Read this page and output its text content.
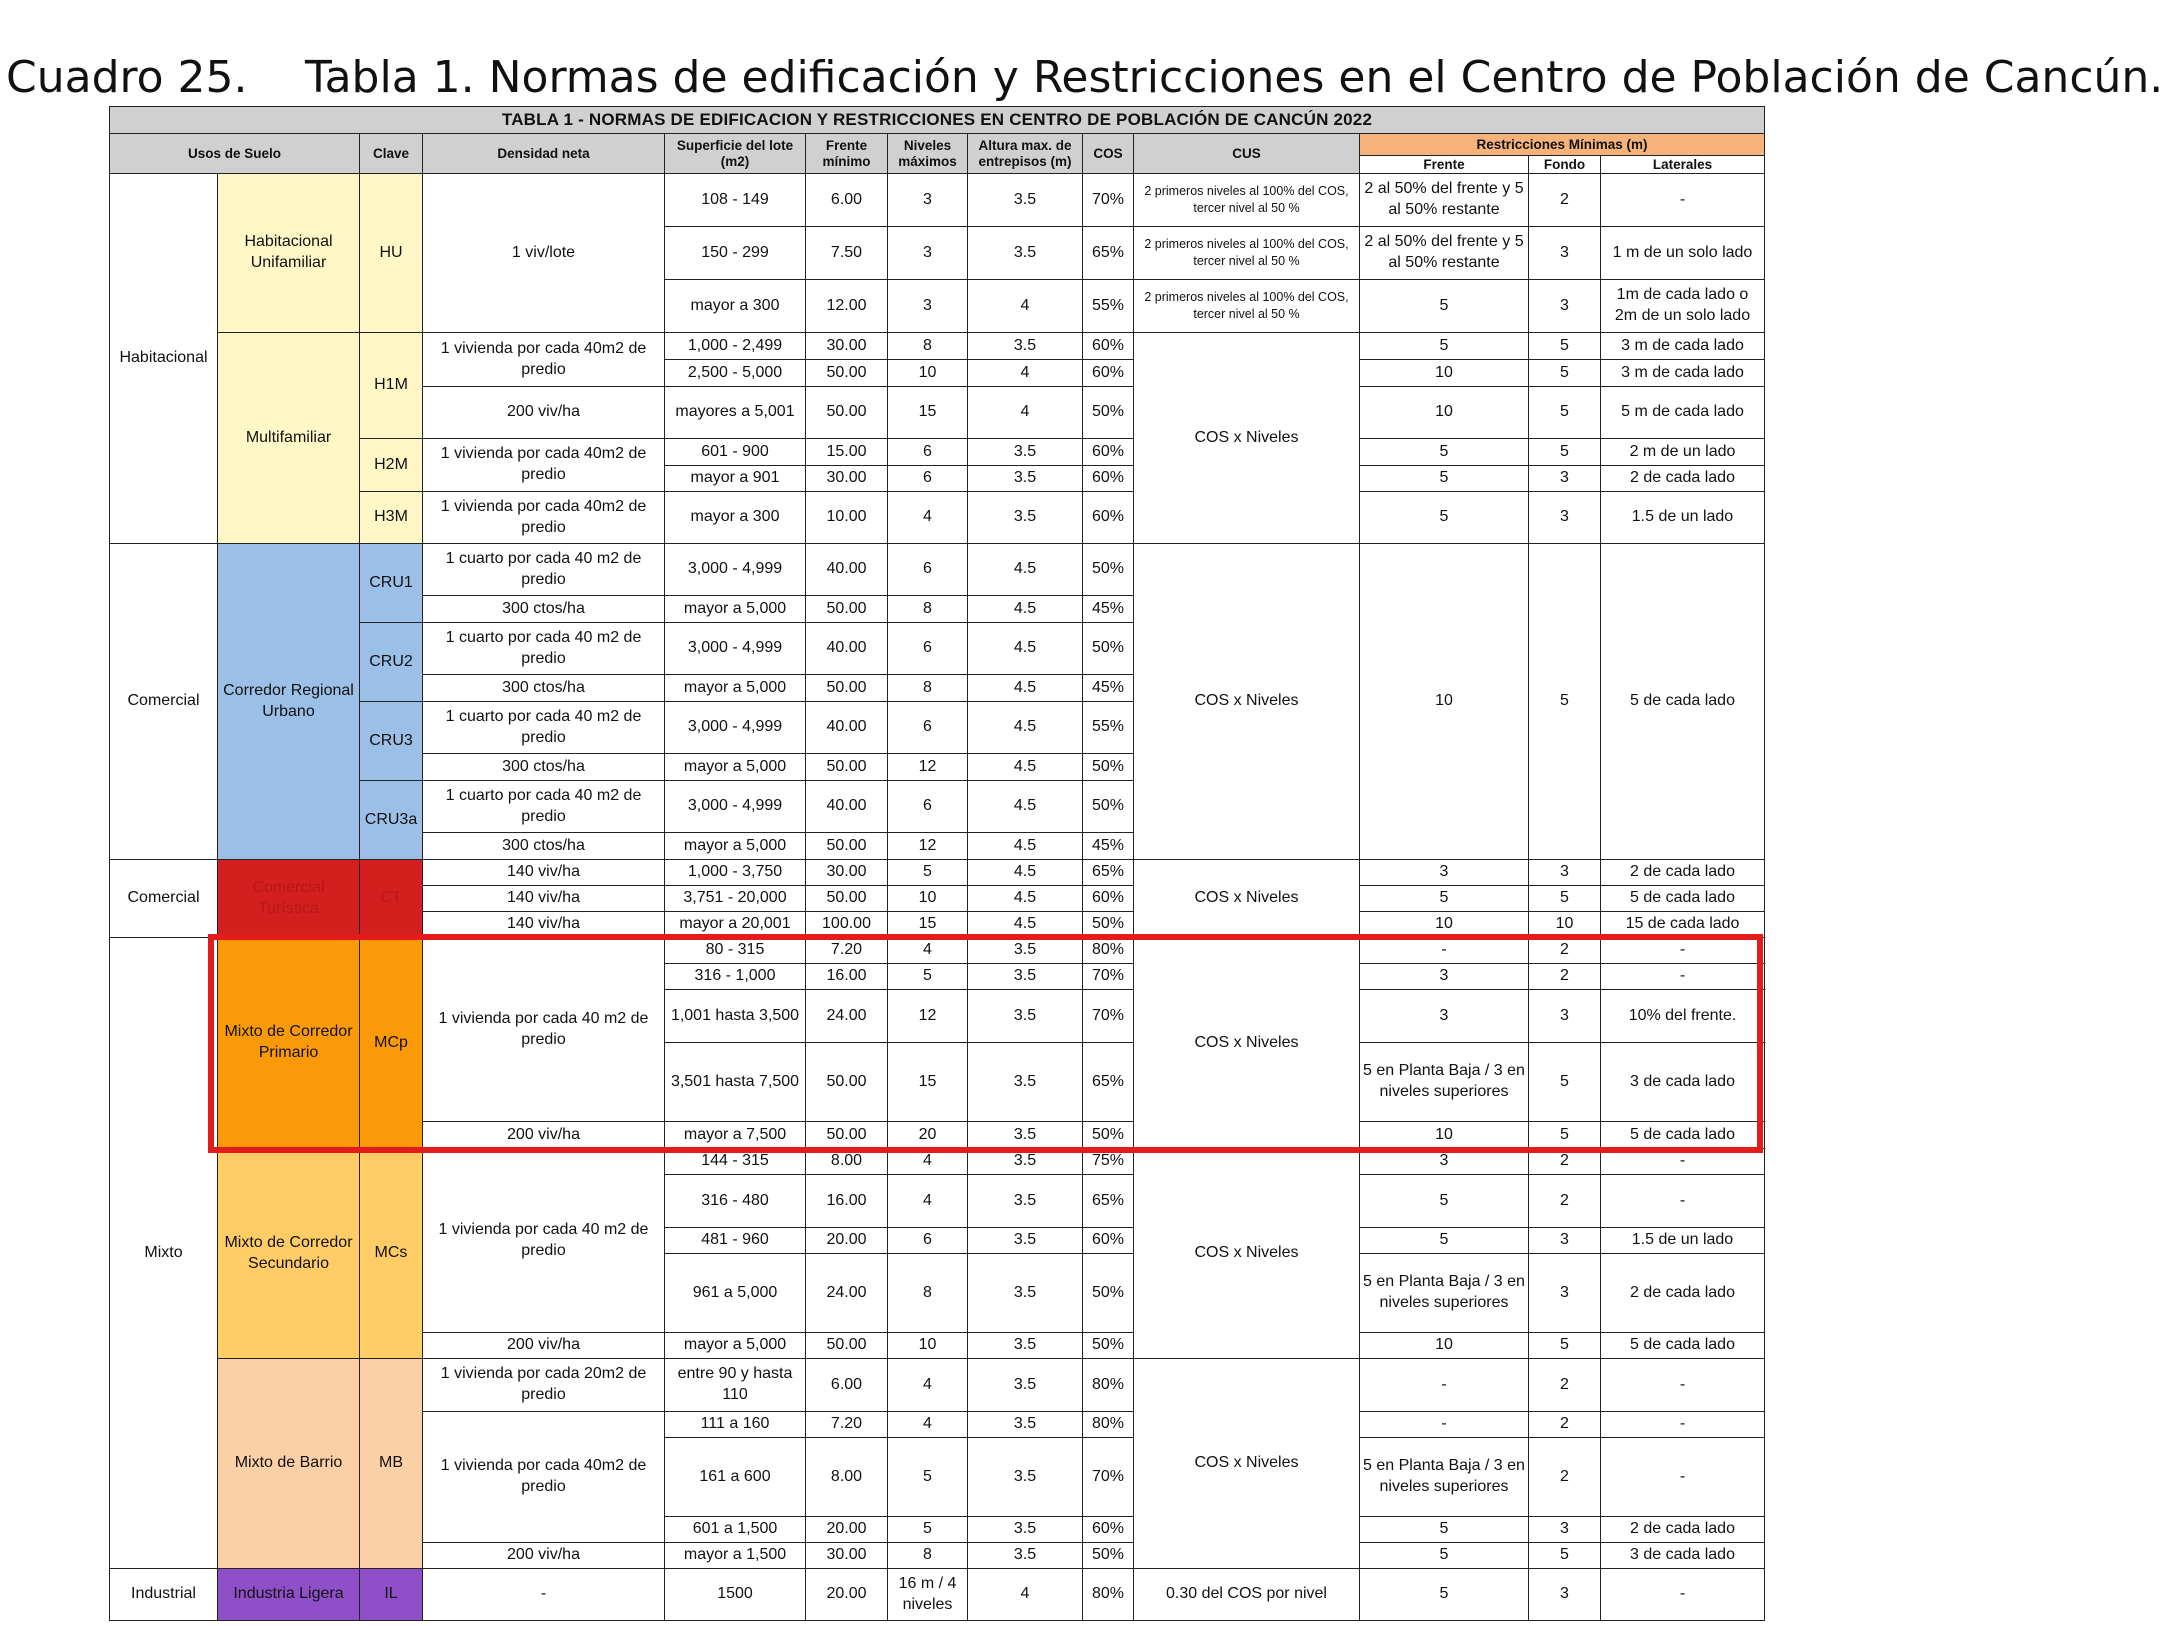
Cuadro 25. Tabla 1. Normas de edificación y Restricciones en el Centro de Población de Cancún.
TABLA 1 - NORMAS DE EDIFICACION Y RESTRICCIONES EN CENTRO DE POBLACIÓN DE CANCÚN 2022												
Usos de Suelo		Clave	Densidad neta	Superficie del lote (m2)	Frente mínimo	Niveles máximos	Altura max. de entrepisos (m)	COS	CUS	Restricciones Mínimas (m)		
										Frente	Fondo	Laterales
Habitacional	Habitacional Unifamiliar	HU	1 viv/lote	108 - 149	6.00	3	3.5	70%	2 primeros niveles al 100% del COS, tercer nivel al 50 %	2 al 50% del frente y 5 al 50% restante	2	-
				150 - 299	7.50	3	3.5	65%	2 primeros niveles al 100% del COS, tercer nivel al 50 %	2 al 50% del frente y 5 al 50% restante	3	1 m de un solo lado
				mayor a 300	12.00	3	4	55%	2 primeros niveles al 100% del COS, tercer nivel al 50 %	5	3	1m de cada lado o 2m de un solo lado
	Multifamiliar	H1M	1 vivienda por cada 40m2 de predio	1,000 - 2,499	30.00	8	3.5	60%	COS x Niveles	5	5	3 m de cada lado
				2,500 - 5,000	50.00	10	4	60%		10	5	3 m de cada lado
			200 viv/ha	mayores a 5,001	50.00	15	4	50%		10	5	5 m de cada lado
		H2M	1 vivienda por cada 40m2 de predio	601 - 900	15.00	6	3.5	60%		5	5	2 m de un lado
				mayor a 901	30.00	6	3.5	60%		5	3	2 de cada lado
		H3M	1 vivienda por cada 40m2 de predio	mayor a 300	10.00	4	3.5	60%		5	3	1.5 de un lado
Comercial	Corredor Regional Urbano	CRU1	1 cuarto por cada 40 m2 de predio	3,000 - 4,999	40.00	6	4.5	50%	COS x Niveles	10	5	5 de cada lado
			300 ctos/ha	mayor a 5,000	50.00	8	4.5	45%				
		CRU2	1 cuarto por cada 40 m2 de predio	3,000 - 4,999	40.00	6	4.5	50%				
			300 ctos/ha	mayor a 5,000	50.00	8	4.5	45%				
		CRU3	1 cuarto por cada 40 m2 de predio	3,000 - 4,999	40.00	6	4.5	55%				
			300 ctos/ha	mayor a 5,000	50.00	12	4.5	50%				
		CRU3a	1 cuarto por cada 40 m2 de predio	3,000 - 4,999	40.00	6	4.5	50%				
			300 ctos/ha	mayor a 5,000	50.00	12	4.5	45%				
Comercial	Comercial Turística	CT	140 viv/ha	1,000 - 3,750	30.00	5	4.5	65%	COS x Niveles	3	3	2 de cada lado
			140 viv/ha	3,751 - 20,000	50.00	10	4.5	60%		5	5	5 de cada lado
			140 viv/ha	mayor a 20,001	100.00	15	4.5	50%		10	10	15 de cada lado
Mixto	Mixto de Corredor Primario	MCp	1 vivienda por cada 40 m2 de predio	80 - 315	7.20	4	3.5	80%	COS x Niveles	-	2	-
				316 - 1,000	16.00	5	3.5	70%		3	2	-
				1,001 hasta 3,500	24.00	12	3.5	70%		3	3	10% del frente.
				3,501 hasta 7,500	50.00	15	3.5	65%		5 en Planta Baja / 3 en niveles superiores	5	3 de cada lado
			200 viv/ha	mayor a 7,500	50.00	20	3.5	50%		10	5	5 de cada lado
	Mixto de Corredor Secundario	MCs	1 vivienda por cada 40 m2 de predio	144 - 315	8.00	4	3.5	75%	COS x Niveles	3	2	-
				316 - 480	16.00	4	3.5	65%		5	2	-
				481 - 960	20.00	6	3.5	60%		5	3	1.5 de un lado
				961 a 5,000	24.00	8	3.5	50%		5 en Planta Baja / 3 en niveles superiores	3	2 de cada lado
			200 viv/ha	mayor a 5,000	50.00	10	3.5	50%		10	5	5 de cada lado
	Mixto de Barrio	MB	1 vivienda por cada 20m2 de predio	entre 90 y hasta 110	6.00	4	3.5	80%	COS x Niveles	-	2	-
			1 vivienda por cada 40m2 de predio	111 a 160	7.20	4	3.5	80%		-	2	-
				161 a 600	8.00	5	3.5	70%		5 en Planta Baja / 3 en niveles superiores	2	-
				601 a 1,500	20.00	5	3.5	60%		5	3	2 de cada lado
			200 viv/ha	mayor a 1,500	30.00	8	3.5	50%		5	5	3 de cada lado
Industrial	Industria Ligera	IL	-	1500	20.00	16 m / 4 niveles	4	80%	0.30 del COS por nivel	5	3	-
